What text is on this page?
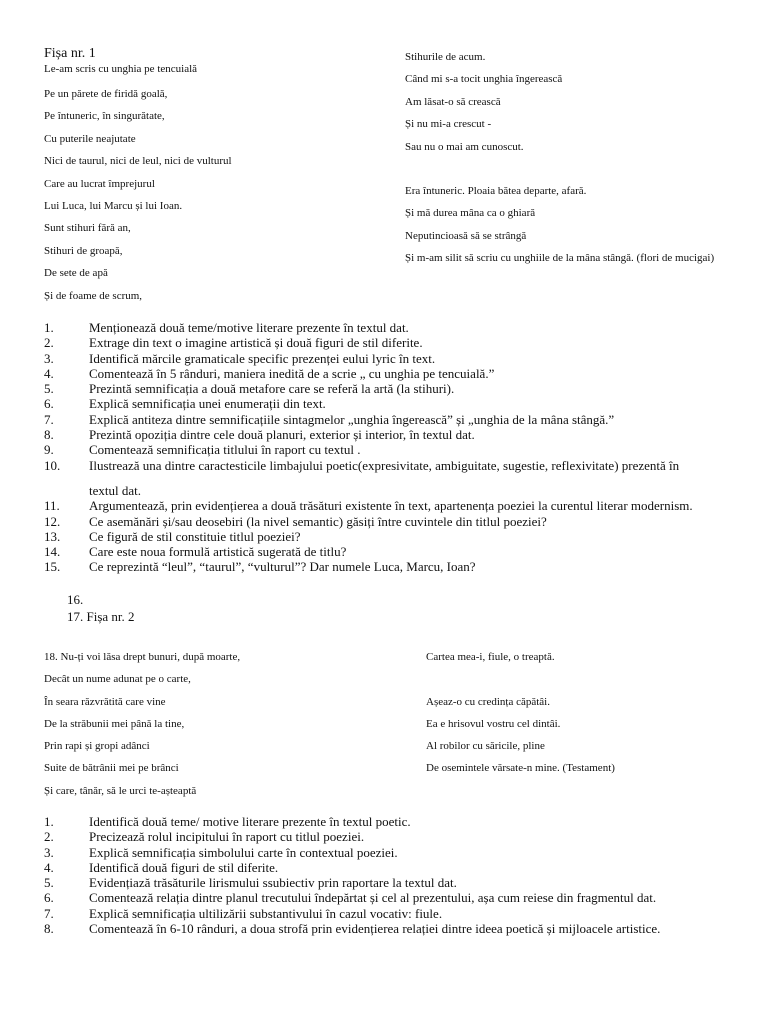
Fișa nr. 1

Le-am scris cu unghia pe tencuială

Pe un părete de firidă goală,

Pe întuneric, în singurătate,

Cu puterile neajutate

Nici de taurul, nici de leul, nici de vulturul

Care au lucrat împrejurul

Lui Luca, lui Marcu și lui Ioan.

Sunt stihuri fără an,

Stihuri de groapă,

De sete de apă

Și de foame de scrum,

Stihurile de acum.

Când mi s-a tocit unghia îngerească

Am lăsat-o să crească

Și nu mi-a crescut -

Sau nu o mai am cunoscut.

Era întuneric. Ploaia bătea departe, afară.

Și mă durea mâna ca o ghiară

Neputincioasă să se strângă

Și m-am silit să scriu cu unghiile de la mâna stângă. (flori de mucigai)

1.	Menționează două teme/motive literare prezente în textul dat.
2.	Extrage din text o imagine artistică și două figuri de stil diferite.
3.	Identifică mărcile gramaticale specific prezenței eului lyric în text.
4.	Comentează în 5 rânduri, maniera inedită de a scrie „ cu unghia pe tencuială.”
5.	Prezintă semnificația a două metafore care se referă la artă (la stihuri).
6.	Explică semnificația unei enumerații din text.
7.	Explică antiteza dintre semnificațiile sintagmelor „unghia îngerească” și „unghia de la mâna stângă.”
8.	Prezintă opoziția dintre cele două planuri, exterior și interior, în textul dat.
9.	Comentează semnificația titlului în raport cu textul .
10.	Ilustrează una dintre caractesticile limbajului poetic(expresivitate, ambiguitate, sugestie, reflexivitate) prezentă în
textul dat.
11.	Argumentează, prin evidențierea a două trăsături existente în text, apartenența poeziei la curentul literar modernism.
12.	Ce asemănări și/sau deosebiri (la nivel semantic) găsiți între cuvintele din titlul poeziei?
13.	Ce figură de stil constituie titlul poeziei?
14.	Care este noua formulă artistică sugerată de titlu?
15.	Ce reprezintă “leul”, “taurul”, “vulturul”? Dar numele Luca, Marcu, Ioan?
16.
17. Fișa nr. 2

18. Nu-ți voi lăsa drept bunuri, după moarte,

Decât un nume adunat pe o carte,

În seara răzvrătită care vine

De la străbunii mei până la tine,

Prin rapi și gropi adânci

Suite de bătrânii mei pe brânci

Și care, tânăr, să le urci te-așteaptă

Cartea mea-i, fiule, o treaptă.

Așeaz-o cu credința căpătâi.

Ea e hrisovul vostru cel dintâi.

Al robilor cu săricile, pline

De osemintele vărsate-n mine. (Testament)

1.	Identifică două teme/ motive literare prezente în textul poetic.
2.	Precizează rolul incipitului în raport cu titlul poeziei.
3.	Explică semnificația simbolului carte în contextual poeziei.
4.	Identifică două figuri de stil diferite.
5.	Evidențiază trăsăturile lirismului ssubiectiv prin raportare la textul dat.
6.	Comentează relația dintre planul trecutului îndepărtat și cel al prezentului, așa cum reiese din fragmentul dat.
7.	Explică semnificația ultilizării substantivului în cazul vocativ: fiule.
8.	Comentează în 6-10 rânduri, a doua strofă prin evidențierea relației dintre ideea poetică și mijloacele artistice.
